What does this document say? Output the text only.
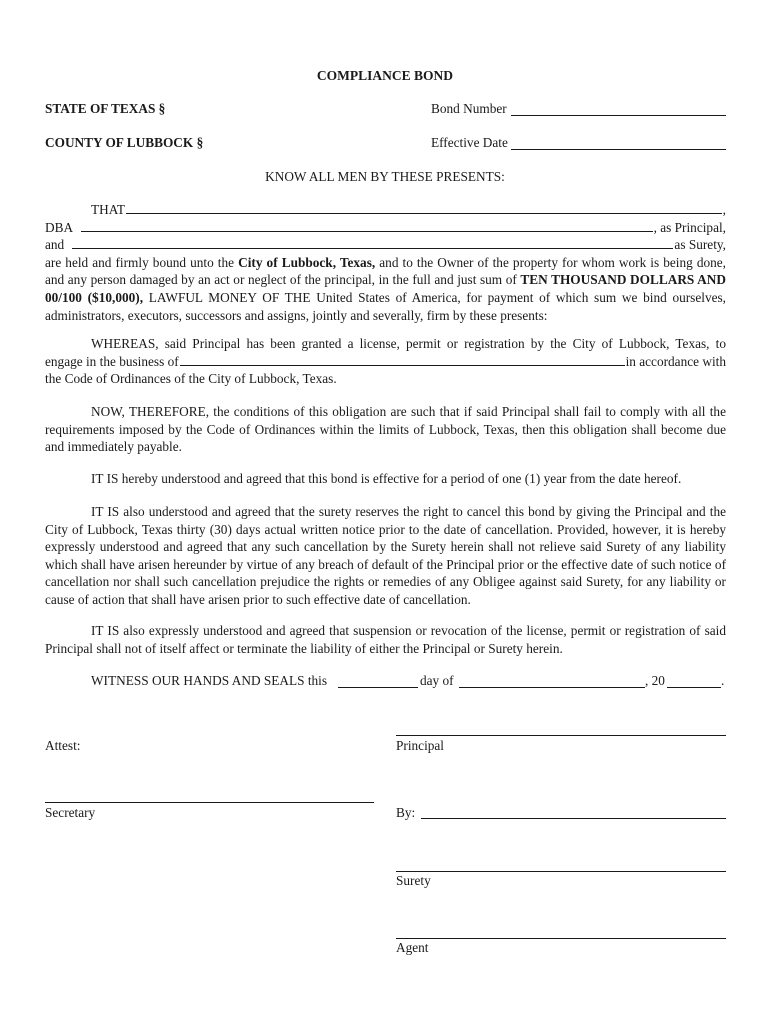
COMPLIANCE BOND
STATE OF TEXAS §	Bond Number
COUNTY OF LUBBOCK §	Effective Date
KNOW ALL MEN BY THESE PRESENTS:
THAT	,
DBA	, as Principal,
and	as Surety,
are held and firmly bound unto the City of Lubbock, Texas, and to the Owner of the property for whom work is being done, and any person damaged by an act or neglect of the principal, in the full and just sum of TEN THOUSAND DOLLARS AND 00/100 ($10,000), LAWFUL MONEY OF THE United States of America, for payment of which sum we bind ourselves, administrators, executors, successors and assigns, jointly and severally, firm by these presents:
WHEREAS, said Principal has been granted a license, permit or registration by the City of Lubbock, Texas, to
engage in the business of	in accordance with
the Code of Ordinances of the City of Lubbock, Texas.
NOW, THEREFORE, the conditions of this obligation are such that if said Principal shall fail to comply with all the requirements imposed by the Code of Ordinances within the limits of Lubbock, Texas, then this obligation shall become due and immediately payable.
IT IS hereby understood and agreed that this bond is effective for a period of one (1) year from the date hereof.
IT IS also understood and agreed that the surety reserves the right to cancel this bond by giving the Principal and the City of Lubbock, Texas thirty (30) days actual written notice prior to the date of cancellation. Provided, however, it is hereby expressly understood and agreed that any such cancellation by the Surety herein shall not relieve said Surety of any liability which shall have arisen hereunder by virtue of any breach of default of the Principal prior or the effective date of such notice of cancellation nor shall such cancellation prejudice the rights or remedies of any Obligee against said Surety, for any liability or cause of action that shall have arisen prior to such effective date of cancellation.
IT IS also expressly understood and agreed that suspension or revocation of the license, permit or registration of said Principal shall not of itself affect or terminate the liability of either the Principal or Surety herein.
WITNESS OUR HANDS AND SEALS this	day of	, 20	.
Attest:	Principal
Secretary	By:
Surety
Agent
